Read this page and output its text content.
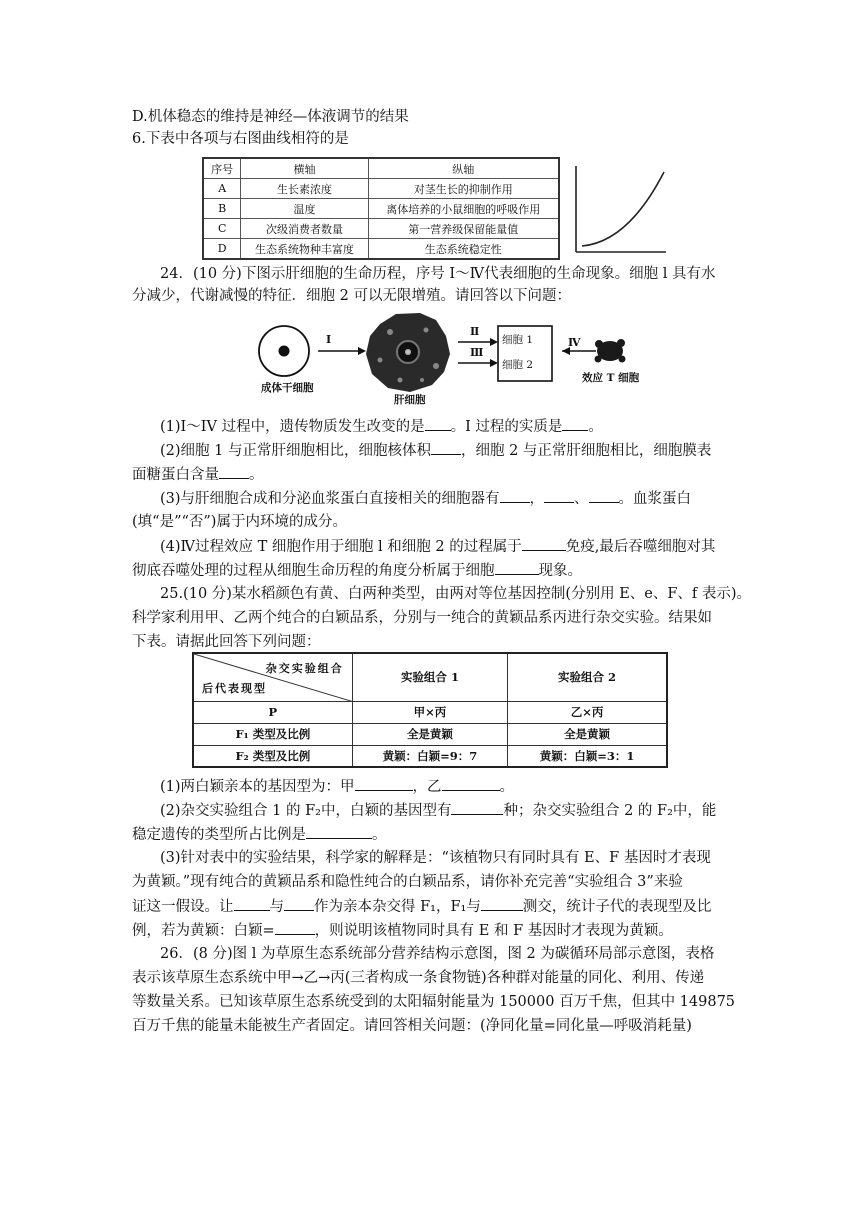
D.机体稳态的维持是神经—体液调节的结果
6.下表中各项与右图曲线相符的是
序号	横轴	纵轴
A	生长素浓度	对茎生长的抑制作用
B	温度	离体培养的小鼠细胞的呼吸作用
C	次级消费者数量	第一营养级保留能量值
D	生态系统物种丰富度	生态系统稳定性
24．(10 分)下图示肝细胞的生命历程，序号 I～Ⅳ代表细胞的生命现象。细胞 l 具有水
分减少，代谢减慢的特征．细胞 2 可以无限增殖。请回答以下问题：
成体干细胞
肝细胞
效应 T 细胞
细胞 1
细胞 2
I
Ⅱ
Ⅲ
Ⅳ
(1)I～IV 过程中，遗传物质发生改变的是 。I 过程的实质是 。
(2)细胞 1 与正常肝细胞相比，细胞核体积 ，细胞 2 与正常肝细胞相比，细胞膜表
面糖蛋白含量 。
(3)与肝细胞合成和分泌血浆蛋白直接相关的细胞器有 ， 、 。血浆蛋白
(填“是”“否”)属于内环境的成分。
(4)Ⅳ过程效应 T 细胞作用于细胞 l 和细胞 2 的过程属于	免疫,最后吞噬细胞对其
彻底吞噬处理的过程从细胞生命历程的角度分析属于细胞	现象。
25.(10 分)某水稻颜色有黄、白两种类型，由两对等位基因控制(分别用 E、e、F、f 表示)。
科学家利用甲、乙两个纯合的白颖品系，分别与一纯合的黄颖品系丙进行杂交实验。结果如
下表。请据此回答下列问题：
杂交实验组合
后代表现型	实验组合 1	实验组合 2
P	甲×丙	乙×丙
F₁ 类型及比例	全是黄颖	全是黄颖
F₂ 类型及比例	黄颖：白颖=9：7	黄颖：白颖=3：1
(1)两白颖亲本的基因型为：甲	，乙	。
(2)杂交实验组合 1 的 F₂中，白颖的基因型有	种；杂交实验组合 2 的 F₂中，能
稳定遗传的类型所占比例是	。
(3)针对表中的实验结果，科学家的解释是：“该植物只有同时具有 E、F 基因时才表现
为黄颖。”现有纯合的黄颖品系和隐性纯合的白颖品系，请你补充完善“实验组合 3”来验
证这一假设。让 与 作为亲本杂交得 F₁，F₁与	测交，统计子代的表现型及比
例，若为黄颖：白颖=	，则说明该植物同时具有 E 和 F 基因时才表现为黄颖。
26．(8 分)图 l 为草原生态系统部分营养结构示意图，图 2 为碳循环局部示意图，表格
表示该草原生态系统中甲→乙→丙(三者构成一条食物链)各种群对能量的同化、利用、传递
等数量关系。已知该草原生态系统受到的太阳辐射能量为 150000 百万千焦，但其中 149875
百万千焦的能量未能被生产者固定。请回答相关问题：(净同化量=同化量—呼吸消耗量)
